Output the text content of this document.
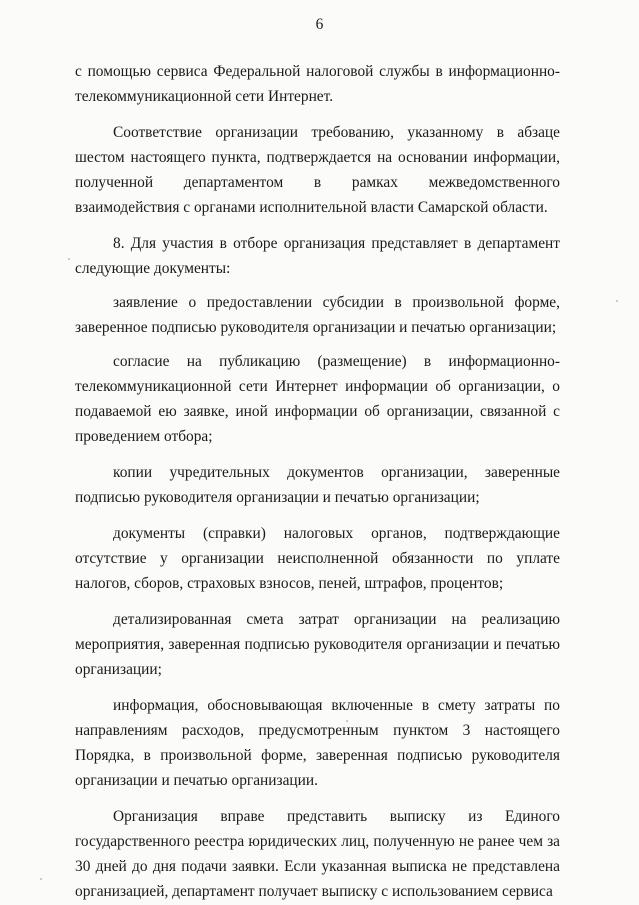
6

с помощью сервиса Федеральной налоговой службы в информационно-телекоммуникационной сети Интернет.

Соответствие организации требованию, указанному в абзаце шестом настоящего пункта, подтверждается на основании информации, полученной департаментом в рамках межведомственного взаимодействия с органами исполнительной власти Самарской области.

8. Для участия в отборе организация представляет в департамент следующие документы:

заявление о предоставлении субсидии в произвольной форме, заверенное подписью руководителя организации и печатью организации;

согласие на публикацию (размещение) в информационно-телекоммуникационной сети Интернет информации об организации, о подаваемой ею заявке, иной информации об организации, связанной с проведением отбора;

копии учредительных документов организации, заверенные подписью руководителя организации и печатью организации;

документы (справки) налоговых органов, подтверждающие отсутствие у организации неисполненной обязанности по уплате налогов, сборов, страховых взносов, пеней, штрафов, процентов;

детализированная смета затрат организации на реализацию мероприятия, заверенная подписью руководителя организации и печатью организации;

информация, обосновывающая включенные в смету затраты по направлениям расходов, предусмотренным пунктом 3 настоящего Порядка, в произвольной форме, заверенная подписью руководителя организации и печатью организации.

Организация вправе представить выписку из Единого государственного реестра юридических лиц, полученную не ранее чем за 30 дней до дня подачи заявки. Если указанная выписка не представлена организацией, департамент получает выписку с использованием сервиса
